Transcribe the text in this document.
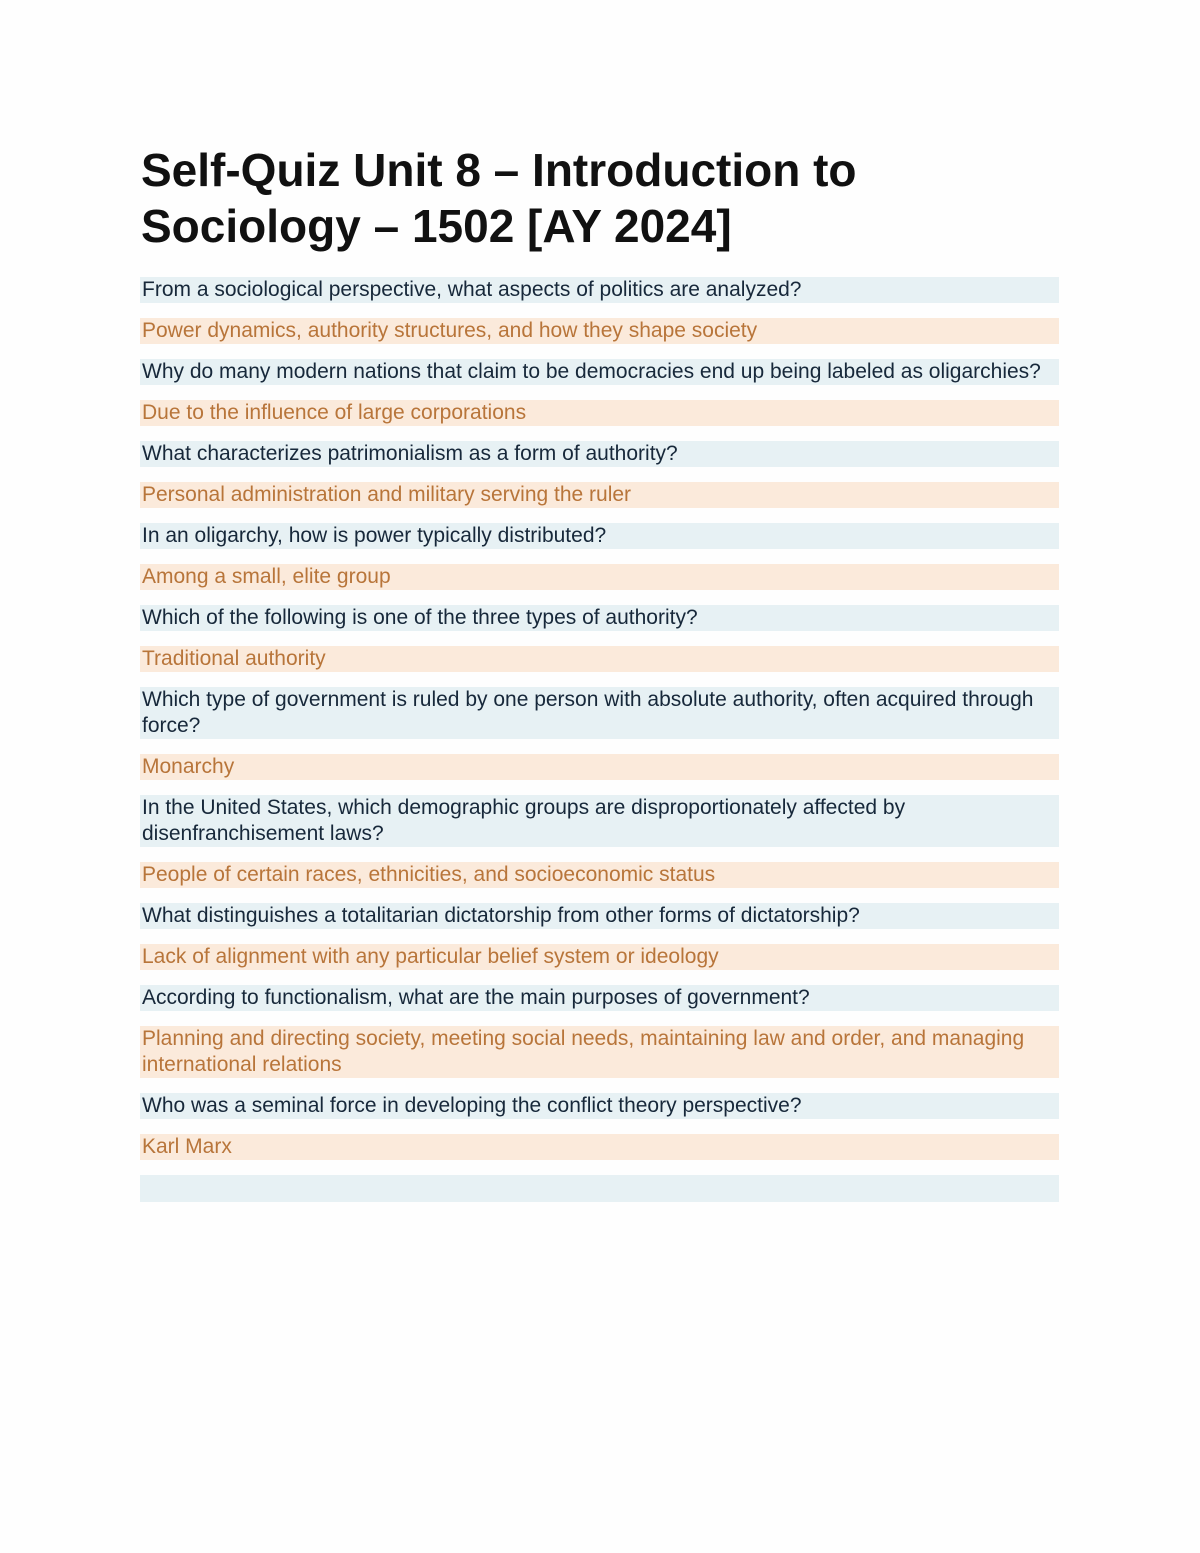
Self-Quiz Unit 8 – Introduction to Sociology – 1502 [AY 2024]
From a sociological perspective, what aspects of politics are analyzed?
Power dynamics, authority structures, and how they shape society
Why do many modern nations that claim to be democracies end up being labeled as oligarchies?
Due to the influence of large corporations
What characterizes patrimonialism as a form of authority?
Personal administration and military serving the ruler
In an oligarchy, how is power typically distributed?
Among a small, elite group
Which of the following is one of the three types of authority?
Traditional authority
Which type of government is ruled by one person with absolute authority, often acquired through force?
Monarchy
In the United States, which demographic groups are disproportionately affected by disenfranchisement laws?
People of certain races, ethnicities, and socioeconomic status
What distinguishes a totalitarian dictatorship from other forms of dictatorship?
Lack of alignment with any particular belief system or ideology
According to functionalism, what are the main purposes of government?
Planning and directing society, meeting social needs, maintaining law and order, and managing international relations
Who was a seminal force in developing the conflict theory perspective?
Karl Marx
